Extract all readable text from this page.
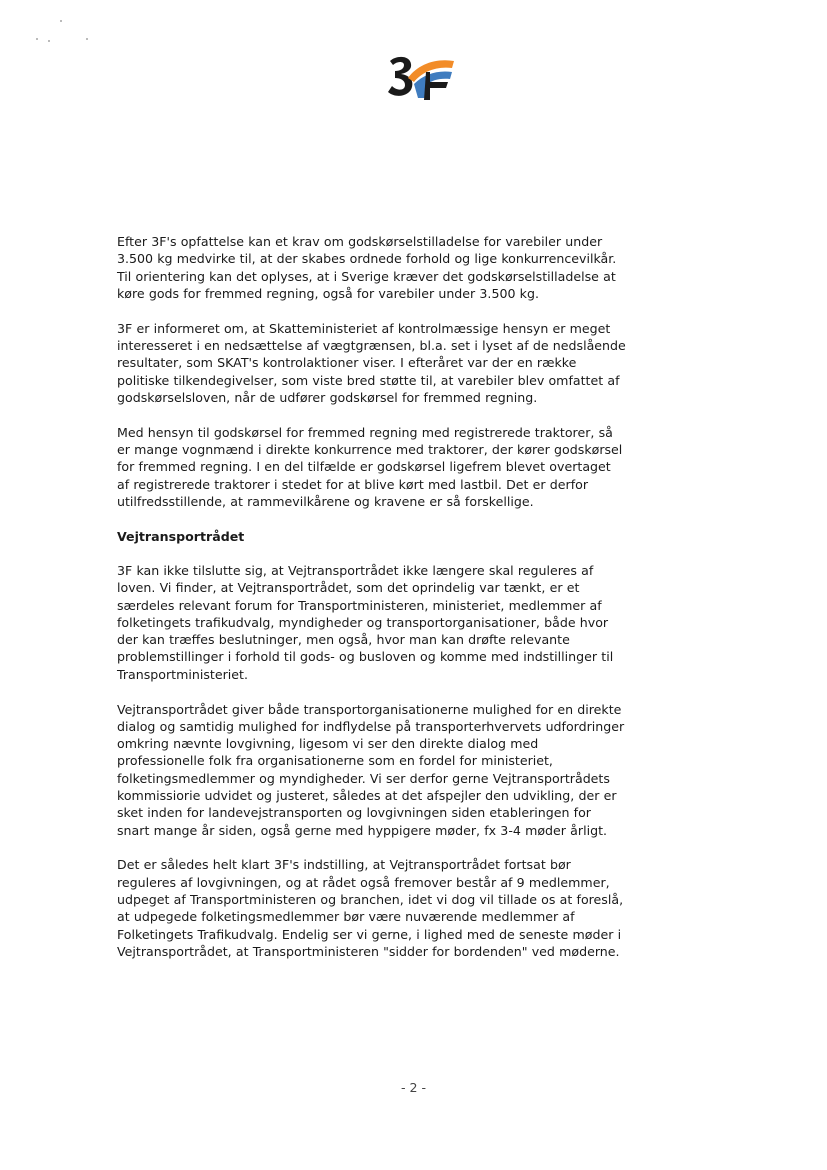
Efter 3F's opfattelse kan et krav om godskørselstilladelse for varebiler under 3.500 kg medvirke til, at der skabes ordnede forhold og lige konkurrencevilkår. Til orientering kan det oplyses, at i Sverige kræver det godskørselstilladelse at køre gods for fremmed regning, også for varebiler under 3.500 kg.

3F er informeret om, at Skatteministeriet af kontrolmæssige hensyn er meget interesseret i en nedsættelse af vægtgrænsen, bl.a. set i lyset af de nedslående resultater, som SKAT's kontrolaktioner viser. I efteråret var der en række politiske tilkendegivelser, som viste bred støtte til, at varebiler blev omfattet af godskørselsloven, når de udfører godskørsel for fremmed regning.

Med hensyn til godskørsel for fremmed regning med registrerede traktorer, så er mange vognmænd i direkte konkurrence med traktorer, der kører godskørsel for fremmed regning. I en del tilfælde er godskørsel ligefrem blevet overtaget af registrerede traktorer i stedet for at blive kørt med lastbil. Det er derfor utilfredsstillende, at rammevilkårene og kravene er så forskellige.

Vejtransportrådet

3F kan ikke tilslutte sig, at Vejtransportrådet ikke længere skal reguleres af loven. Vi finder, at Vejtransportrådet, som det oprindelig var tænkt, er et særdeles relevant forum for Transportministeren, ministeriet, medlemmer af folketingets trafikudvalg, myndigheder og transportorganisationer, både hvor der kan træffes beslutninger, men også, hvor man kan drøfte relevante problemstillinger i forhold til gods- og busloven og komme med indstillinger til Transportministeriet.

Vejtransportrådet giver både transportorganisationerne mulighed for en direkte dialog og samtidig mulighed for indflydelse på transporterhvervets udfordringer omkring nævnte lovgivning, ligesom vi ser den direkte dialog med professionelle folk fra organisationerne som en fordel for ministeriet, folketingsmedlemmer og myndigheder. Vi ser derfor gerne Vejtransportrådets kommissiorie udvidet og justeret, således at det afspejler den udvikling, der er sket inden for landevejstransporten og lovgivningen siden etableringen for snart mange år siden, også gerne med hyppigere møder, fx 3-4 møder årligt.

Det er således helt klart 3F's indstilling, at Vejtransportrådet fortsat bør reguleres af lovgivningen, og at rådet også fremover består af 9 medlemmer, udpeget af Transportministeren og branchen, idet vi dog vil tillade os at foreslå, at udpegede folketingsmedlemmer bør være nuværende medlemmer af Folketingets Trafikudvalg. Endelig ser vi gerne, i lighed med de seneste møder i Vejtransportrådet, at Transportministeren "sidder for bordenden" ved møderne.

- 2 -
